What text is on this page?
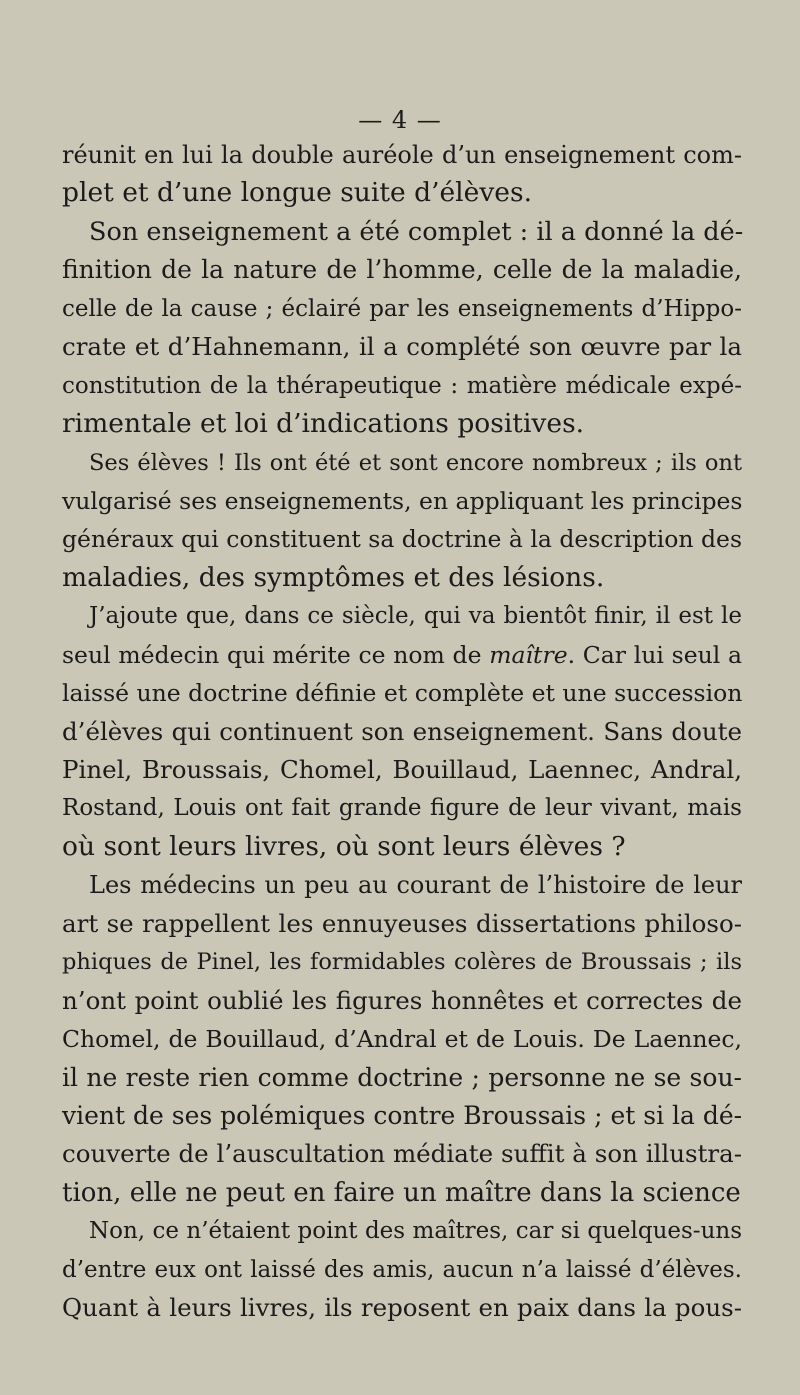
— 4 —
réunit en lui la double auréole d’un enseignement com-
plet et d’une longue suite d’élèves.
Son enseignement a été complet : il a donné la dé-
finition de la nature de l’homme, celle de la maladie,
celle de la cause ; éclairé par les enseignements d’Hippo-
crate et d’Hahnemann, il a complété son œuvre par la
constitution de la thérapeutique : matière médicale expé-
rimentale et loi d’indications positives.
Ses élèves ! Ils ont été et sont encore nombreux ; ils ont
vulgarisé ses enseignements, en appliquant les principes
généraux qui constituent sa doctrine à la description des
maladies, des symptômes et des lésions.
J’ajoute que, dans ce siècle, qui va bientôt finir, il est le
seul médecin qui mérite ce nom de maître. Car lui seul a
laissé une doctrine définie et complète et une succession
d’élèves qui continuent son enseignement. Sans doute
Pinel, Broussais, Chomel, Bouillaud, Laennec, Andral,
Rostand, Louis ont fait grande figure de leur vivant, mais
où sont leurs livres, où sont leurs élèves ?
Les médecins un peu au courant de l’histoire de leur
art se rappellent les ennuyeuses dissertations philoso-
phiques de Pinel, les formidables colères de Broussais ; ils
n’ont point oublié les figures honnêtes et correctes de
Chomel, de Bouillaud, d’Andral et de Louis. De Laennec,
il ne reste rien comme doctrine ; personne ne se sou-
vient de ses polémiques contre Broussais ; et si la dé-
couverte de l’auscultation médiate suffit à son illustra-
tion, elle ne peut en faire un maître dans la science
Non, ce n’étaient point des maîtres, car si quelques-uns
d’entre eux ont laissé des amis, aucun n’a laissé d’élèves.
Quant à leurs livres, ils reposent en paix dans la pous-
